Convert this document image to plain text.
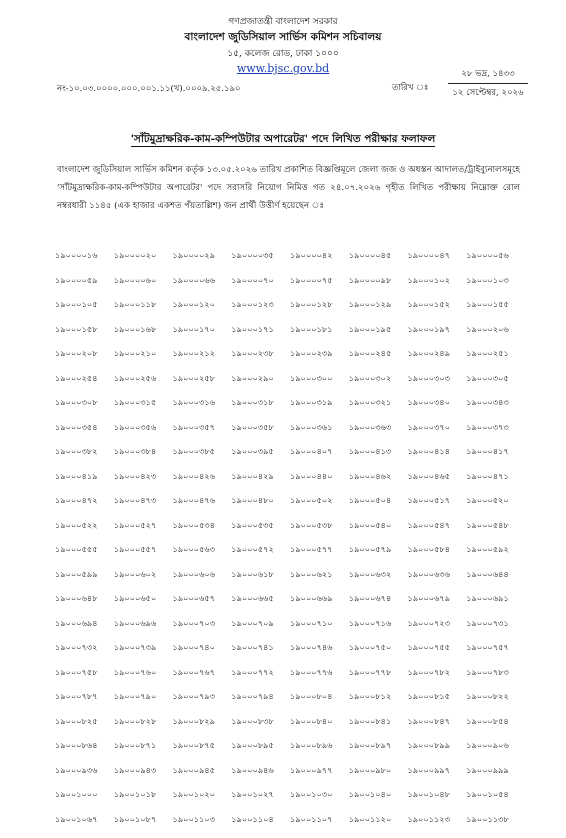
গণপ্রজাতন্ত্রী বাংলাদেশ সরকার
বাংলাদেশ জুডিসিয়াল সার্ভিস কমিশন সচিবালয়
১৫, কলেজ রোড, ঢাকা ১০০০
www.bjsc.gov.bd
নং-১০.০৩.০০০০.০০০.০০১.১১(খ).০০০৯.২৫.১৯০	তারিখ ঃ
২৮ ভদ্র, ১৪৩৩
১২ সেপ্টেম্বর, ২০২৬
'সাঁটমুদ্রাক্ষরিক-কাম-কম্পিউটার অপারেটর' পদে লিখিত পরীক্ষার ফলাফল
বাংলাদেশ জুডিসিয়াল সার্ভিস কমিশন কর্তৃক ১৩.০৫.২০২৬ তারিখ প্রকাশিত বিজ্ঞপ্তিমূলে জেলা জজ ও অধস্তন আদালত/ট্রাইব্যুনালসমূহে 'সাঁটমুদ্রাক্ষরিক-কাম-কম্পিউটার অপারেটর' পদে সরাসরি নিয়োগ নিমিত্ত গত ২৪.০৭.২০২৬ গৃহীত লিখিত পরীক্ষায় নিম্নোক্ত রোল নম্বরধারী ১১৪৫ (এক হাজার একশত পঁয়তাল্লিশ) জন প্রার্থী উত্তীর্ণ হয়েছেন ঃ
১৯০০০০১৬	১৯০০০০২০	১৯০০০০২৯	১৯০০০০৩৫	১৯০০০০৪২	১৯০০০০৪৫	১৯০০০০৪৭	১৯০০০০৫৬
১৯০০০০৫৯	১৯০০০০৬০	১৯০০০০৬৬	১৯০০০০৭০	১৯০০০০৭৫	১৯০০০০৯৮	১৯০০০১০২	১৯০০০১০৩
১৯০০০১০৫	১৯০০০১১৮	১৯০০০১২০	১৯০০০১২৩	১৯০০০১২৮	১৯০০০১২৯	১৯০০০১৫২	১৯০০০১৫৫
১৯০০০১৫৮	১৯০০০১৬৮	১৯০০০১৭০	১৯০০০১৭১	১৯০০০১৮১	১৯০০০১৯৫	১৯০০০১৯৭	১৯০০০২০৬
১৯০০০২০৮	১৯০০০২১০	১৯০০০২১২	১৯০০০২৩৮	১৯০০০২৩৯	১৯০০০২৪৫	১৯০০০২৪৯	১৯০০০২৫১
১৯০০০২৫৪	১৯০০০২৫৬	১৯০০০২৫৮	১৯০০০২৯০	১৯০০০৩০০	১৯০০০৩০২	১৯০০০৩০৩	১৯০০০৩০৫
১৯০০০৩০৮	১৯০০০৩১৫	১৯০০০৩১৬	১৯০০০৩১৮	১৯০০০৩১৯	১৯০০০৩২১	১৯০০০৩৪০	১৯০০০৩৪৩
১৯০০০৩৫৪	১৯০০০৩৫৬	১৯০০০৩৫৭	১৯০০০৩৫৮	১৯০০০৩৬১	১৯০০০৩৬৩	১৯০০০৩৭০	১৯০০০৩৭৩
১৯০০০৩৮২	১৯০০০৩৮৪	১৯০০০৩৮৫	১৯০০০৩৯৫	১৯০০০৪০৭	১৯০০০৪১৩	১৯০০০৪১৪	১৯০০০৪১৭
১৯০০০৪১৯	১৯০০০৪২৩	১৯০০০৪২৬	১৯০০০৪২৯	১৯০০০৪৪০	১৯০০০৪৬২	১৯০০০৪৬৫	১৯০০০৪৭১
১৯০০০৪৭২	১৯০০০৪৭৩	১৯০০০৪৭৬	১৯০০০৪৮০	১৯০০০৫০২	১৯০০০৫০৪	১৯০০০৫১৭	১৯০০০৫২০
১৯০০০৫২২	১৯০০০৫২৭	১৯০০০৫৩৪	১৯০০০৫৩৫	১৯০০০৫৩৮	১৯০০০৫৪০	১৯০০০৫৪৭	১৯০০০৫৪৮
১৯০০০৫৫৫	১৯০০০৫৫৭	১৯০০০৫৬৩	১৯০০০৫৭২	১৯০০০৫৭৭	১৯০০০৫৭৯	১৯০০০৫৮৪	১৯০০০৫৯২
১৯০০০৫৯৯	১৯০০০৬০২	১৯০০০৬০৬	১৯০০০৬১৮	১৯০০০৬২১	১৯০০০৬৩২	১৯০০০৬৩৬	১৯০০০৬৪৪
১৯০০০৬৪৮	১৯০০০৬৫০	১৯০০০৬৫৭	১৯০০০৬৬৫	১৯০০০৬৬৯	১৯০০০৬৭৪	১৯০০০৬৭৯	১৯০০০৬৯১
১৯০০০৬৯৪	১৯০০০৬৯৬	১৯০০০৭০৩	১৯০০০৭০৯	১৯০০০৭১০	১৯০০০৭১৬	১৯০০০৭২৩	১৯০০০৭৩১
১৯০০০৭৩২	১৯০০০৭৩৯	১৯০০০৭৪০	১৯০০০৭৪১	১৯০০০৭৪৬	১৯০০০৭৫০	১৯০০০৭৫৫	১৯০০০৭৫৭
১৯০০০৭৫৮	১৯০০০৭৬০	১৯০০০৭৬৭	১৯০০০৭৭২	১৯০০০৭৭৬	১৯০০০৭৭৮	১৯০০০৭৮২	১৯০০০৭৮৩
১৯০০০৭৮৭	১৯০০০৭৯০	১৯০০০৭৯৩	১৯০০০৭৯৪	১৯০০০৮০৪	১৯০০০৮১২	১৯০০০৮১৫	১৯০০০৮২২
১৯০০০৮২৫	১৯০০০৮২৮	১৯০০০৮২৯	১৯০০০৮৩৮	১৯০০০৮৪০	১৯০০০৮৪১	১৯০০০৮৪৭	১৯০০০৮৫৪
১৯০০০৮৬৪	১৯০০০৮৭১	১৯০০০৮৭৫	১৯০০০৮৯৫	১৯০০০৮৯৬	১৯০০০৮৯৭	১৯০০০৮৯৯	১৯০০০৯০৬
১৯০০০৯৩৬	১৯০০০৯৪৩	১৯০০০৯৪৫	১৯০০০৯৪৬	১৯০০০৯৭৭	১৯০০০৯৮০	১৯০০০৯৯৭	১৯০০০৯৯৯
১৯০০১০০০	১৯০০১০১৮	১৯০০১০২০	১৯০০১০২৭	১৯০০১০৩০	১৯০০১০৪০	১৯০০১০৪৮	১৯০০১০৫৪
১৯০০১০৬৭	১৯০০১০৮৭	১৯০০১১০৩	১৯০০১১০৪	১৯০০১১০৭	১৯০০১১২০	১৯০০১১২৩	১৯০০১১৩৮
